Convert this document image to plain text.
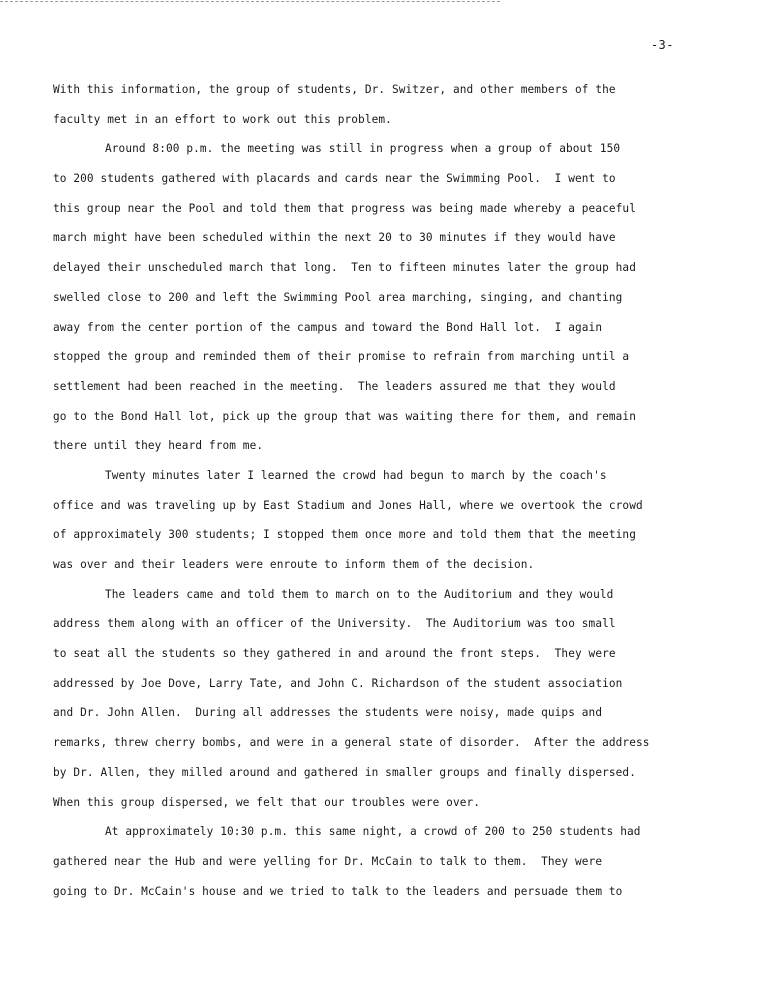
-3-
With this information, the group of students, Dr. Switzer, and other members of the
faculty met in an effort to work out this problem.
Around 8:00 p.m. the meeting was still in progress when a group of about 150
to 200 students gathered with placards and cards near the Swimming Pool.  I went to
this group near the Pool and told them that progress was being made whereby a peaceful
march might have been scheduled within the next 20 to 30 minutes if they would have
delayed their unscheduled march that long.  Ten to fifteen minutes later the group had
swelled close to 200 and left the Swimming Pool area marching, singing, and chanting
away from the center portion of the campus and toward the Bond Hall lot.  I again
stopped the group and reminded them of their promise to refrain from marching until a
settlement had been reached in the meeting.  The leaders assured me that they would
go to the Bond Hall lot, pick up the group that was waiting there for them, and remain
there until they heard from me.
Twenty minutes later I learned the crowd had begun to march by the coach's
office and was traveling up by East Stadium and Jones Hall, where we overtook the crowd
of approximately 300 students; I stopped them once more and told them that the meeting
was over and their leaders were enroute to inform them of the decision.
The leaders came and told them to march on to the Auditorium and they would
address them along with an officer of the University.  The Auditorium was too small
to seat all the students so they gathered in and around the front steps.  They were
addressed by Joe Dove, Larry Tate, and John C. Richardson of the student association
and Dr. John Allen.  During all addresses the students were noisy, made quips and
remarks, threw cherry bombs, and were in a general state of disorder.  After the address
by Dr. Allen, they milled around and gathered in smaller groups and finally dispersed.
When this group dispersed, we felt that our troubles were over.
At approximately 10:30 p.m. this same night, a crowd of 200 to 250 students had
gathered near the Hub and were yelling for Dr. McCain to talk to them.  They were
going to Dr. McCain's house and we tried to talk to the leaders and persuade them to
